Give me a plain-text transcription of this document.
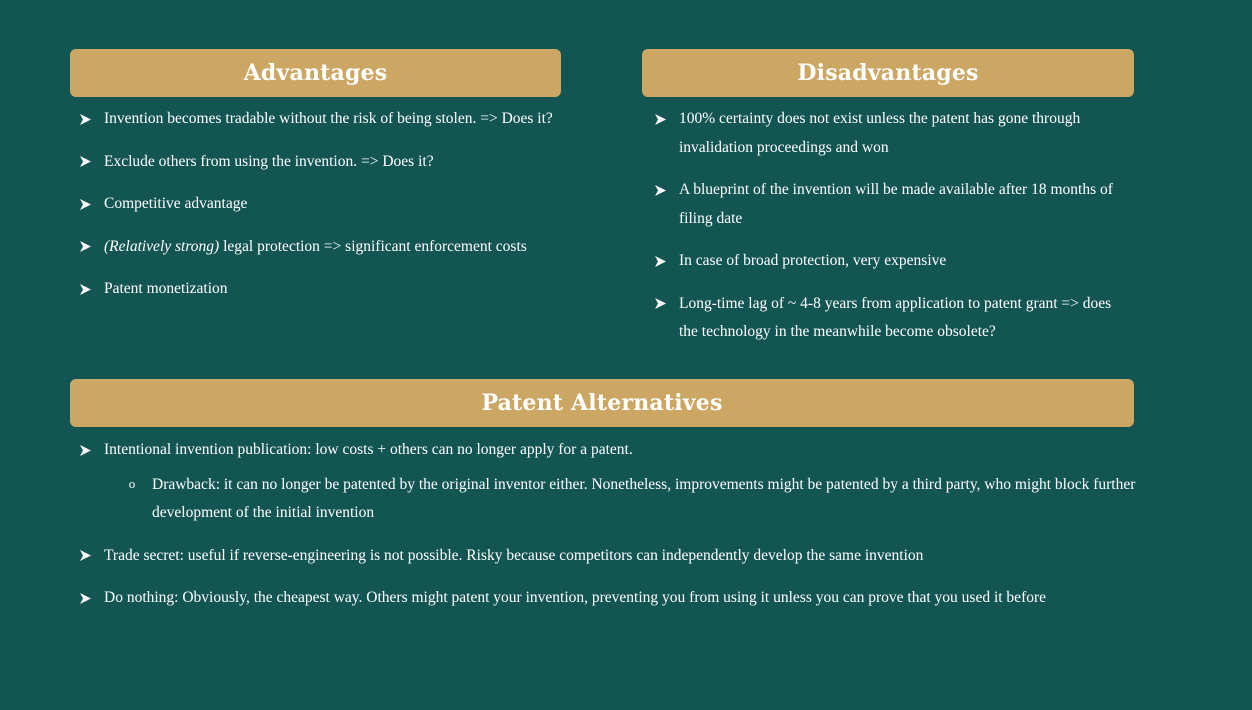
Advantages
Invention becomes tradable without the risk of being stolen. => Does it?
Exclude others from using the invention. => Does it?
Competitive advantage
(Relatively strong) legal protection => significant enforcement costs
Patent monetization
Disadvantages
100% certainty does not exist unless the patent has gone through invalidation proceedings and won
A blueprint of the invention will be made available after 18 months of filing date
In case of broad protection, very expensive
Long-time lag of ~ 4-8 years from application to patent grant => does the technology in the meanwhile become obsolete?
Patent Alternatives
Intentional invention publication: low costs + others can no longer apply for a patent.
o Drawback: it can no longer be patented by the original inventor either. Nonetheless, improvements might be patented by a third party, who might block further development of the initial invention
Trade secret: useful if reverse-engineering is not possible. Risky because competitors can independently develop the same invention
Do nothing: Obviously, the cheapest way. Others might patent your invention, preventing you from using it unless you can prove that you used it before
